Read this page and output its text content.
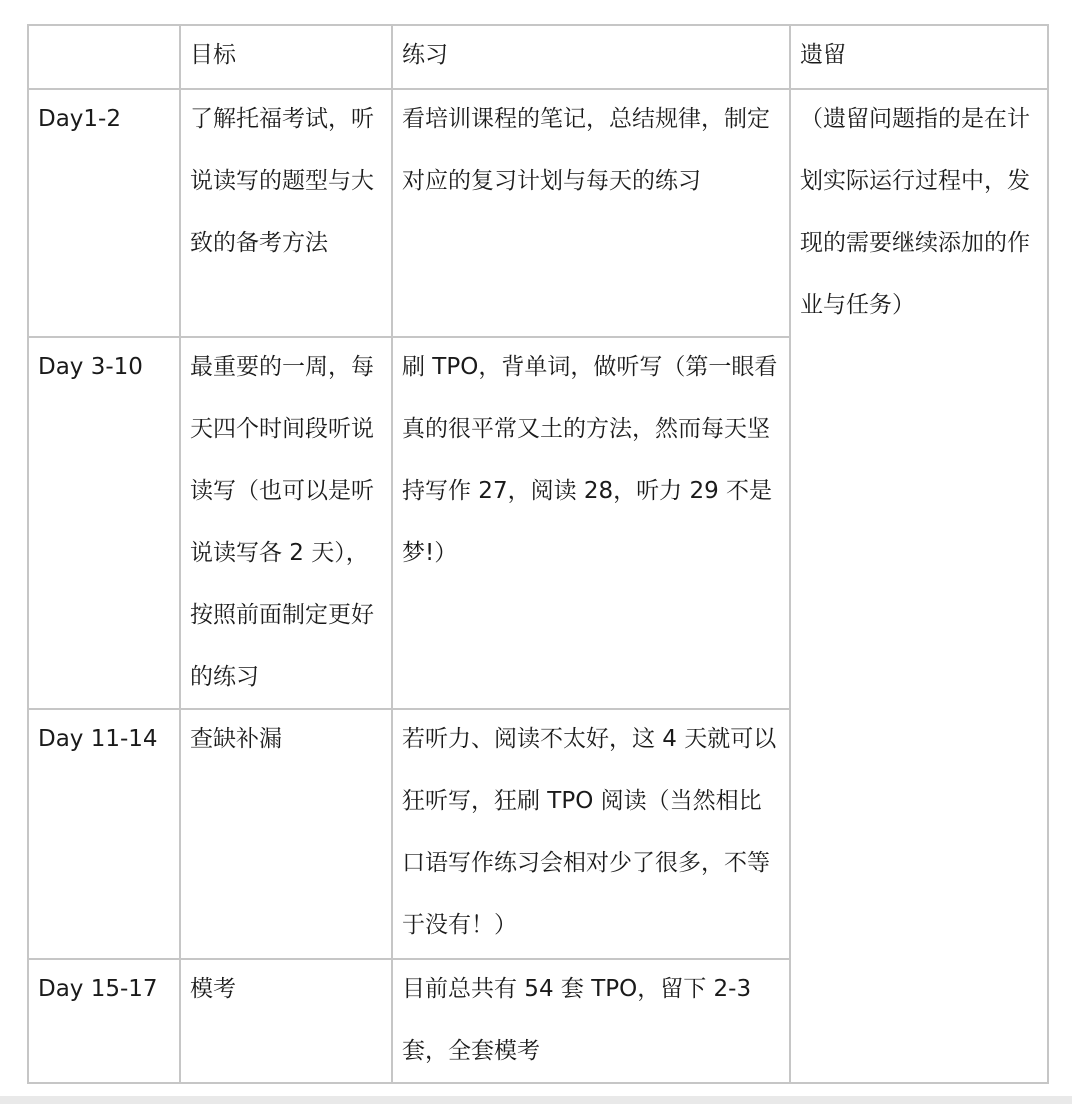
	目标	练习	遗留

Day1-2	了解托福考试，听说读写的题型与大致的备考方法	看培训课程的笔记，总结规律，制定对应的复习计划与每天的练习	（遗留问题指的是在计划实际运行过程中，发现的需要继续添加的作业与任务）

Day 3-10	最重要的一周，每天四个时间段听说读写（也可以是听说读写各 2 天），按照前面制定更好的练习	刷 TPO，背单词，做听写（第一眼看真的很平常又土的方法，然而每天坚持写作 27，阅读 28，听力 29 不是梦!）	

Day 11-14	查缺补漏	若听力、阅读不太好，这 4 天就可以狂听写，狂刷 TPO 阅读（当然相比口语写作练习会相对少了很多，不等于没有！）	

Day 15-17	模考	目前总共有 54 套 TPO，留下 2-3 套，全套模考	
